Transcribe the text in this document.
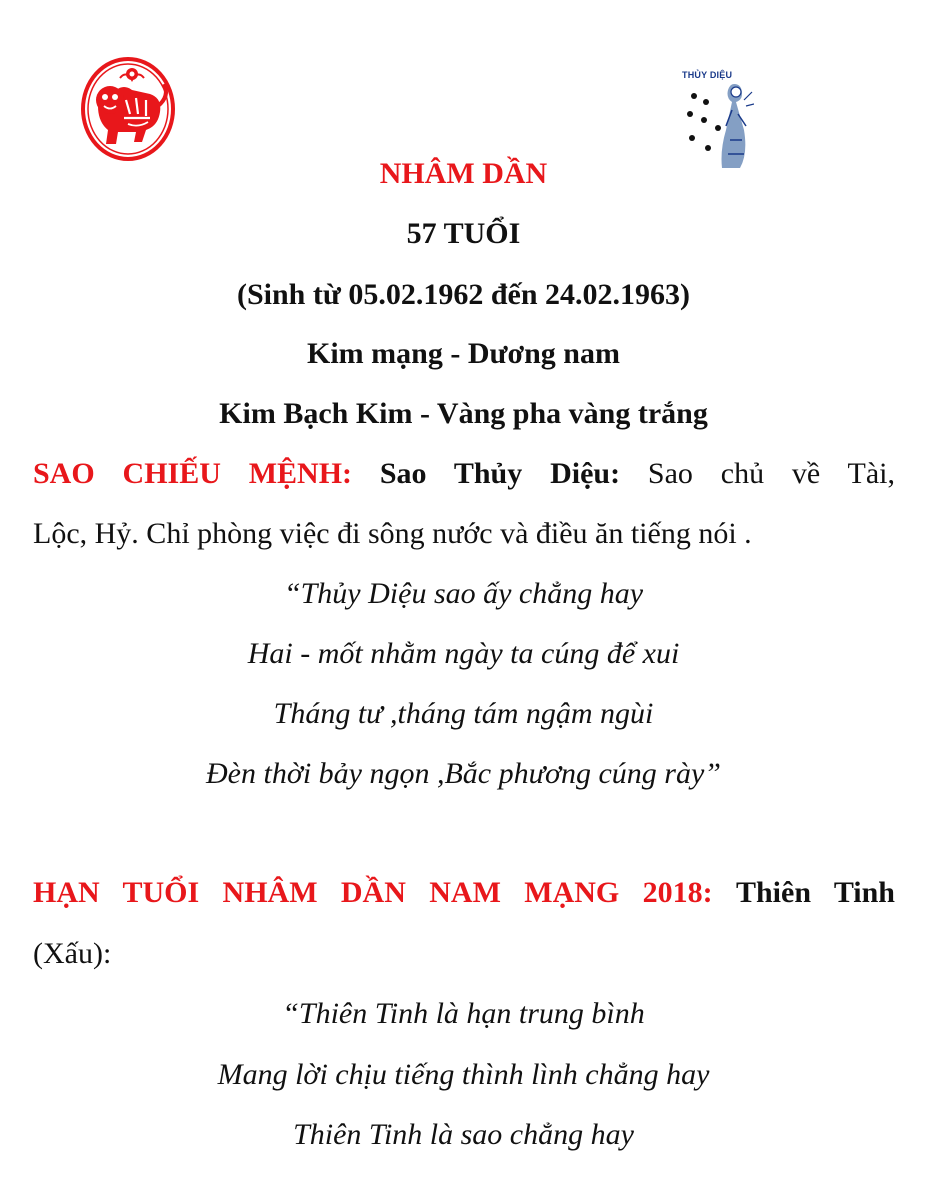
THỦY DIỆU
NHÂM DẦN
57 TUỔI
(Sinh từ 05.02.1962 đến 24.02.1963)
Kim mạng - Dương nam
Kim Bạch Kim - Vàng pha vàng trắng
SAO CHIẾU MỆNH: Sao Thủy Diệu: Sao chủ về Tài,
Lộc, Hỷ. Chỉ phòng việc đi sông nước và điều ăn tiếng nói .
“Thủy Diệu sao ấy chẳng hay
Hai - mốt nhằm ngày ta cúng để xui
Tháng tư ,tháng tám ngậm ngùi
Đèn thời bảy ngọn ,Bắc phương cúng rày”
HẠN TUỔI NHÂM DẦN NAM MẠNG 2018: Thiên Tinh
(Xấu):
“Thiên Tinh là hạn trung bình
Mang lời chịu tiếng thình lình chẳng hay
Thiên Tinh là sao chẳng hay
